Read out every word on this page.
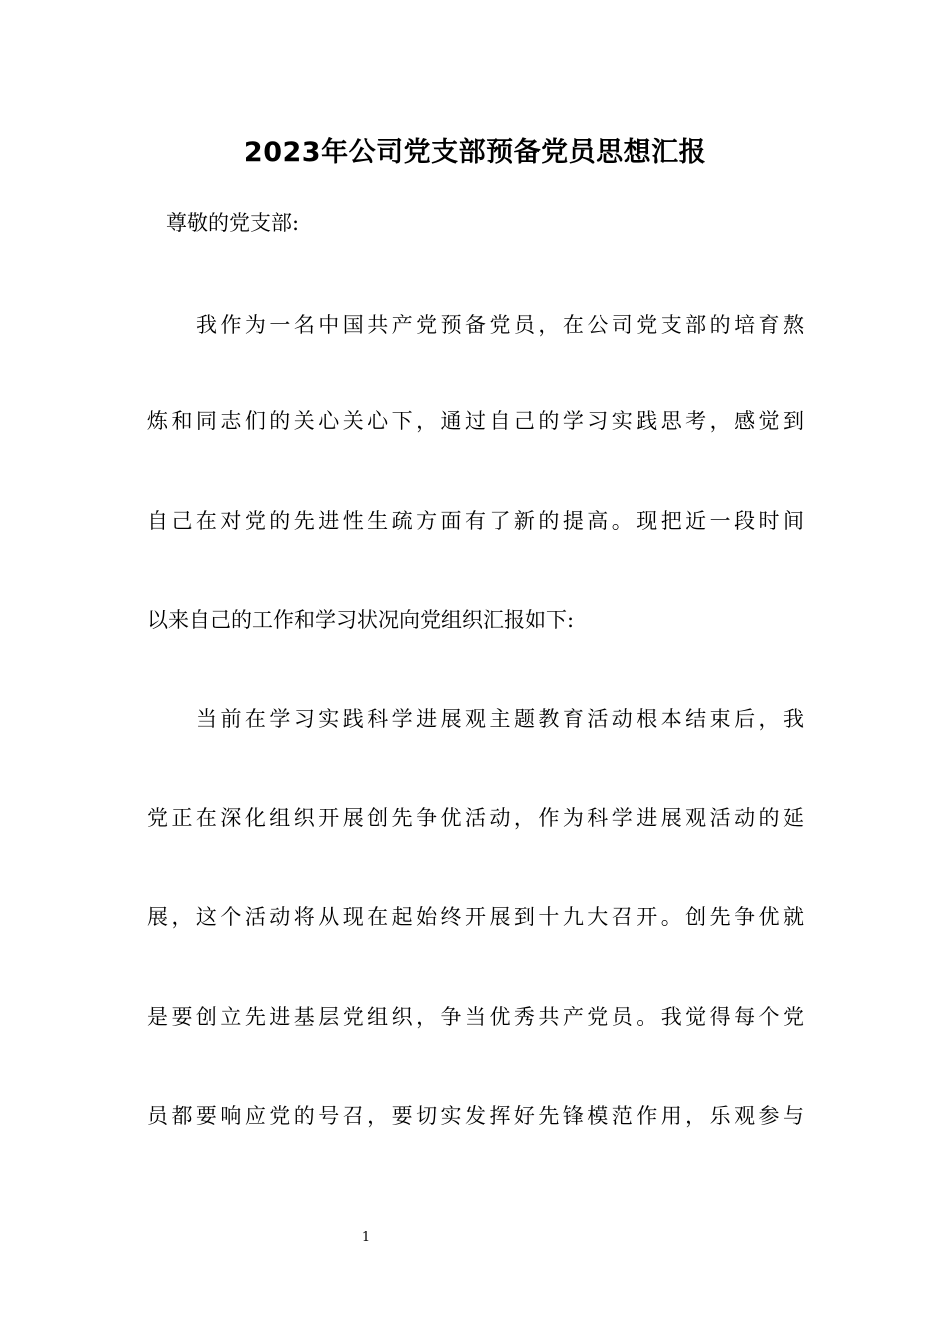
2023年公司党支部预备党员思想汇报
尊敬的党支部:
我作为一名中国共产党预备党员，在公司党支部的培育熬
炼和同志们的关心关心下，通过自己的学习实践思考，感觉到
自己在对党的先进性生疏方面有了新的提高。现把近一段时间
以来自己的工作和学习状况向党组织汇报如下:
当前在学习实践科学进展观主题教育活动根本结束后，我
党正在深化组织开展创先争优活动，作为科学进展观活动的延
展，这个活动将从现在起始终开展到十九大召开。创先争优就
是要创立先进基层党组织，争当优秀共产党员。我觉得每个党
员都要响应党的号召，要切实发挥好先锋模范作用，乐观参与
1
